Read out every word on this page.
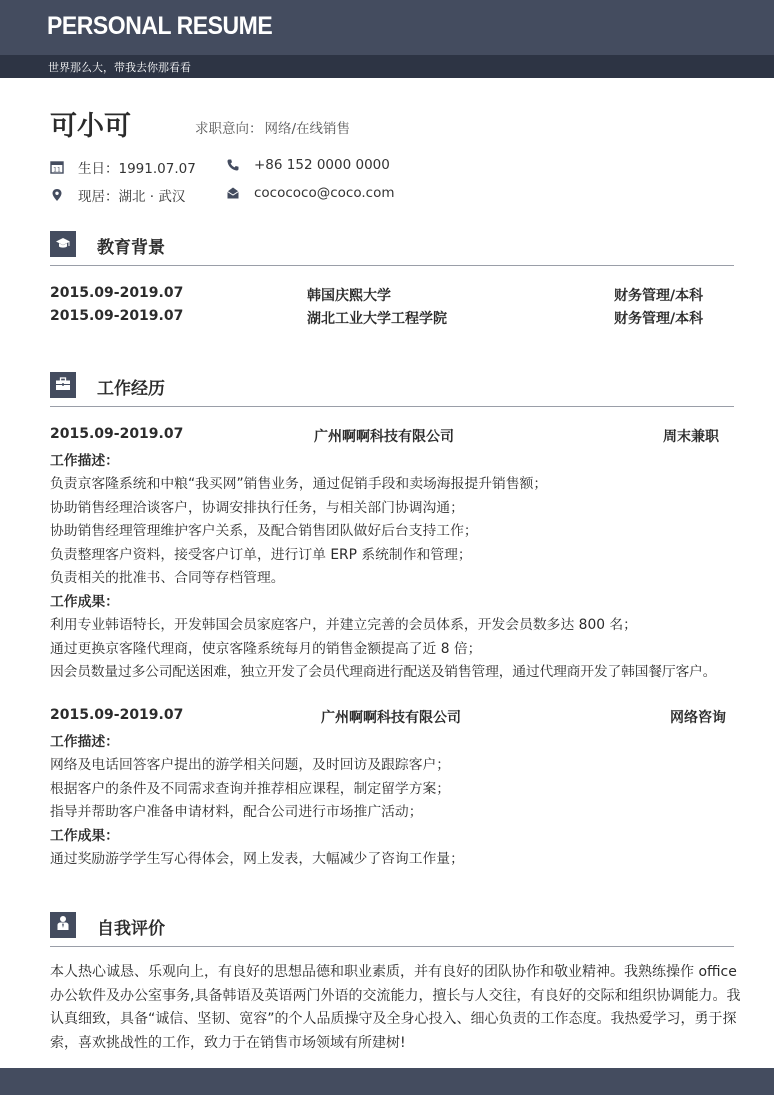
PERSONAL RESUME
世界那么大，带我去你那看看
可小可	求职意向： 网络/在线销售
11 生日：1991.07.07
现居：湖北 · 武汉
+86 152 0000 0000
cocococo@coco.com
教育背景
2015.09-2019.07	韩国庆熙大学	财务管理/本科
2015.09-2019.07	湖北工业大学工程学院	财务管理/本科
工作经历
2015.09-2019.07	广州啊啊科技有限公司	周末兼职
工作描述：
负责京客隆系统和中粮“我买网”销售业务，通过促销手段和卖场海报提升销售额；
协助销售经理洽谈客户，协调安排执行任务，与相关部门协调沟通；
协助销售经理管理维护客户关系，及配合销售团队做好后台支持工作；
负责整理客户资料，接受客户订单，进行订单 ERP 系统制作和管理；
负责相关的批准书、合同等存档管理。
工作成果：
利用专业韩语特长，开发韩国会员家庭客户，并建立完善的会员体系，开发会员数多达 800 名；
通过更换京客隆代理商，使京客隆系统每月的销售金额提高了近 8 倍；
因会员数量过多公司配送困难，独立开发了会员代理商进行配送及销售管理，通过代理商开发了韩国餐厅客户。
2015.09-2019.07	广州啊啊科技有限公司	网络咨询
工作描述：
网络及电话回答客户提出的游学相关问题，及时回访及跟踪客户；
根据客户的条件及不同需求查询并推荐相应课程，制定留学方案；
指导并帮助客户准备申请材料，配合公司进行市场推广活动；
工作成果：
通过奖励游学学生写心得体会，网上发表，大幅减少了咨询工作量；
自我评价
本人热心诚恳、乐观向上，有良好的思想品德和职业素质，并有良好的团队协作和敬业精神。我熟练操作 office 办公软件及办公室事务,具备韩语及英语两门外语的交流能力，擅长与人交往，有良好的交际和组织协调能力。我认真细致，具备“诚信、坚韧、宽容”的个人品质操守及全身心投入、细心负责的工作态度。我热爱学习，勇于探索，喜欢挑战性的工作，致力于在销售市场领域有所建树!
